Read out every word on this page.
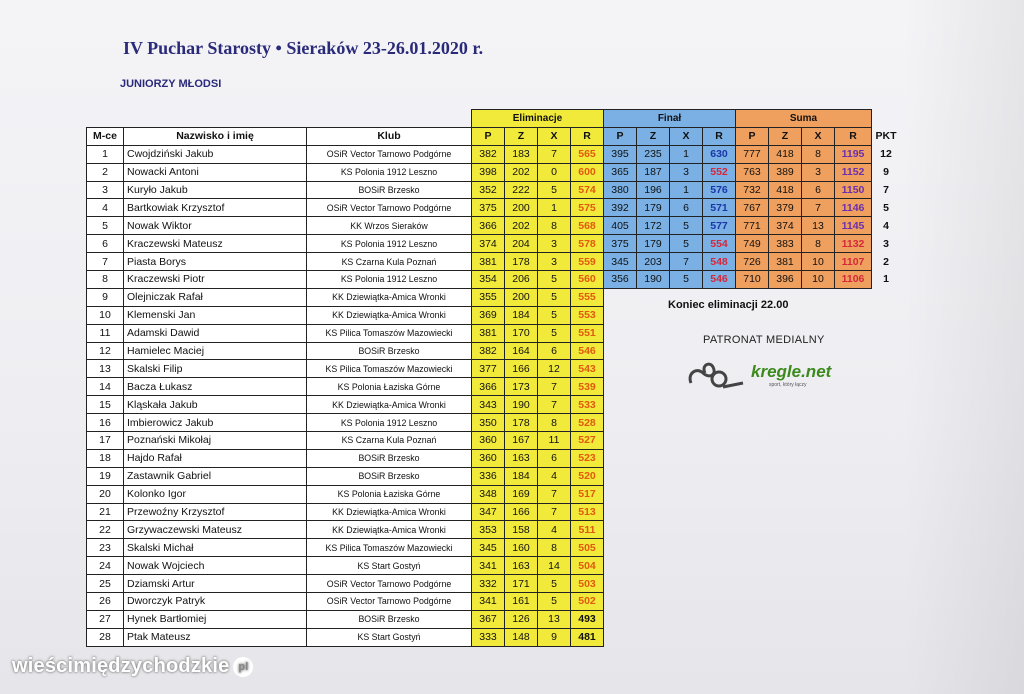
IV Puchar Starosty • Sieraków 23-26.01.2020 r.
JUNIORZY MŁODSI
			Eliminacje				Finał				Suma				
M-ce	Nazwisko i imię	Klub	P	Z	X	R	P	Z	X	R	P	Z	X	R	PKT
1	Cwojdziński Jakub	OSiR Vector Tarnowo Podgórne	382	183	7	565	395	235	1	630	777	418	8	1195	12
2	Nowacki Antoni	KS Polonia 1912 Leszno	398	202	0	600	365	187	3	552	763	389	3	1152	9
3	Kuryło Jakub	BOSiR Brzesko	352	222	5	574	380	196	1	576	732	418	6	1150	7
4	Bartkowiak Krzysztof	OSiR Vector Tarnowo Podgórne	375	200	1	575	392	179	6	571	767	379	7	1146	5
5	Nowak Wiktor	KK Wrzos Sieraków	366	202	8	568	405	172	5	577	771	374	13	1145	4
6	Kraczewski Mateusz	KS Polonia 1912 Leszno	374	204	3	578	375	179	5	554	749	383	8	1132	3
7	Piasta Borys	KS Czarna Kula Poznań	381	178	3	559	345	203	7	548	726	381	10	1107	2
8	Kraczewski Piotr	KS Polonia 1912 Leszno	354	206	5	560	356	190	5	546	710	396	10	1106	1
9	Olejniczak Rafał	KK Dziewiątka-Amica Wronki	355	200	5	555									
10	Klemenski Jan	KK Dziewiątka-Amica Wronki	369	184	5	553									
11	Adamski Dawid	KS Pilica Tomaszów Mazowiecki	381	170	5	551									
12	Hamielec Maciej	BOSiR Brzesko	382	164	6	546									
13	Skalski Filip	KS Pilica Tomaszów Mazowiecki	377	166	12	543									
14	Bacza Łukasz	KS Polonia Łaziska Górne	366	173	7	539									
15	Kląskała Jakub	KK Dziewiątka-Amica Wronki	343	190	7	533									
16	Imbierowicz Jakub	KS Polonia 1912 Leszno	350	178	8	528									
17	Poznański Mikołaj	KS Czarna Kula Poznań	360	167	11	527									
18	Hajdo Rafał	BOSiR Brzesko	360	163	6	523									
19	Zastawnik Gabriel	BOSiR Brzesko	336	184	4	520									
20	Kolonko Igor	KS Polonia Łaziska Górne	348	169	7	517									
21	Przewoźny Krzysztof	KK Dziewiątka-Amica Wronki	347	166	7	513									
22	Grzywaczewski Mateusz	KK Dziewiątka-Amica Wronki	353	158	4	511									
23	Skalski Michał	KS Pilica Tomaszów Mazowiecki	345	160	8	505									
24	Nowak Wojciech	KS Start Gostyń	341	163	14	504									
25	Dziamski Artur	OSiR Vector Tarnowo Podgórne	332	171	5	503									
26	Dworczyk Patryk	OSiR Vector Tarnowo Podgórne	341	161	5	502									
27	Hynek Bartłomiej	BOSiR Brzesko	367	126	13	493									
28	Ptak Mateusz	KS Start Gostyń	333	148	9	481									
Koniec eliminacji 22.00
PATRONAT MEDIALNY
kregle.net
sport, który łączy
wieścimiędzychodzkie pl
